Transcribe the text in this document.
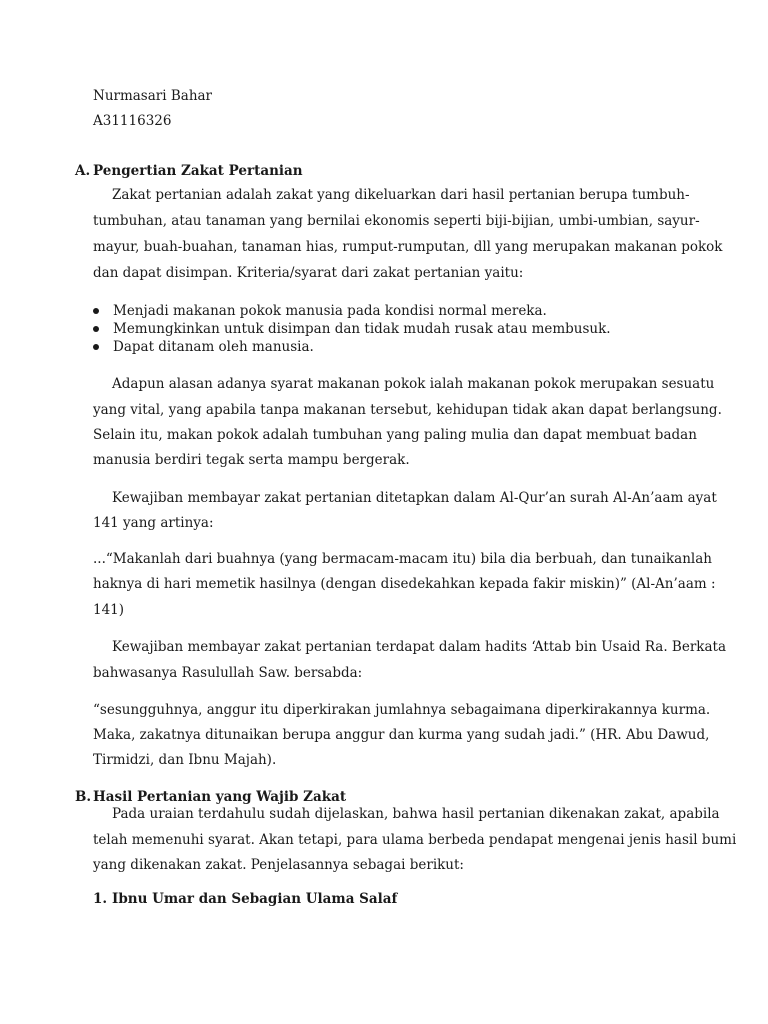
Nurmasari Bahar
A31116326
A. Pengertian Zakat Pertanian
Zakat pertanian adalah zakat yang dikeluarkan dari hasil pertanian berupa tumbuh-
tumbuhan, atau tanaman yang bernilai ekonomis seperti biji-bijian, umbi-umbian, sayur-
mayur, buah-buahan, tanaman hias, rumput-rumputan, dll yang merupakan makanan pokok
dan dapat disimpan. Kriteria/syarat dari zakat pertanian yaitu:
Menjadi makanan pokok manusia pada kondisi normal mereka.
Memungkinkan untuk disimpan dan tidak mudah rusak atau membusuk.
Dapat ditanam oleh manusia.
Adapun alasan adanya syarat makanan pokok ialah makanan pokok merupakan sesuatu
yang vital, yang apabila tanpa makanan tersebut, kehidupan tidak akan dapat berlangsung.
Selain itu, makan pokok adalah tumbuhan yang paling mulia dan dapat membuat badan
manusia berdiri tegak serta mampu bergerak.
Kewajiban membayar zakat pertanian ditetapkan dalam Al-Qur’an surah Al-An’aam ayat
141 yang artinya:
...“Makanlah dari buahnya (yang bermacam-macam itu) bila dia berbuah, dan tunaikanlah
haknya di hari memetik hasilnya (dengan disedekahkan kepada fakir miskin)” (Al-An’aam :
141)
Kewajiban membayar zakat pertanian terdapat dalam hadits ‘Attab bin Usaid Ra. Berkata
bahwasanya Rasulullah Saw. bersabda:
“sesungguhnya, anggur itu diperkirakan jumlahnya sebagaimana diperkirakannya kurma.
Maka, zakatnya ditunaikan berupa anggur dan kurma yang sudah jadi.” (HR. Abu Dawud,
Tirmidzi, dan Ibnu Majah).
B. Hasil Pertanian yang Wajib Zakat
Pada uraian terdahulu sudah dijelaskan, bahwa hasil pertanian dikenakan zakat, apabila
telah memenuhi syarat. Akan tetapi, para ulama berbeda pendapat mengenai jenis hasil bumi
yang dikenakan zakat. Penjelasannya sebagai berikut:
1. Ibnu Umar dan Sebagian Ulama Salaf
